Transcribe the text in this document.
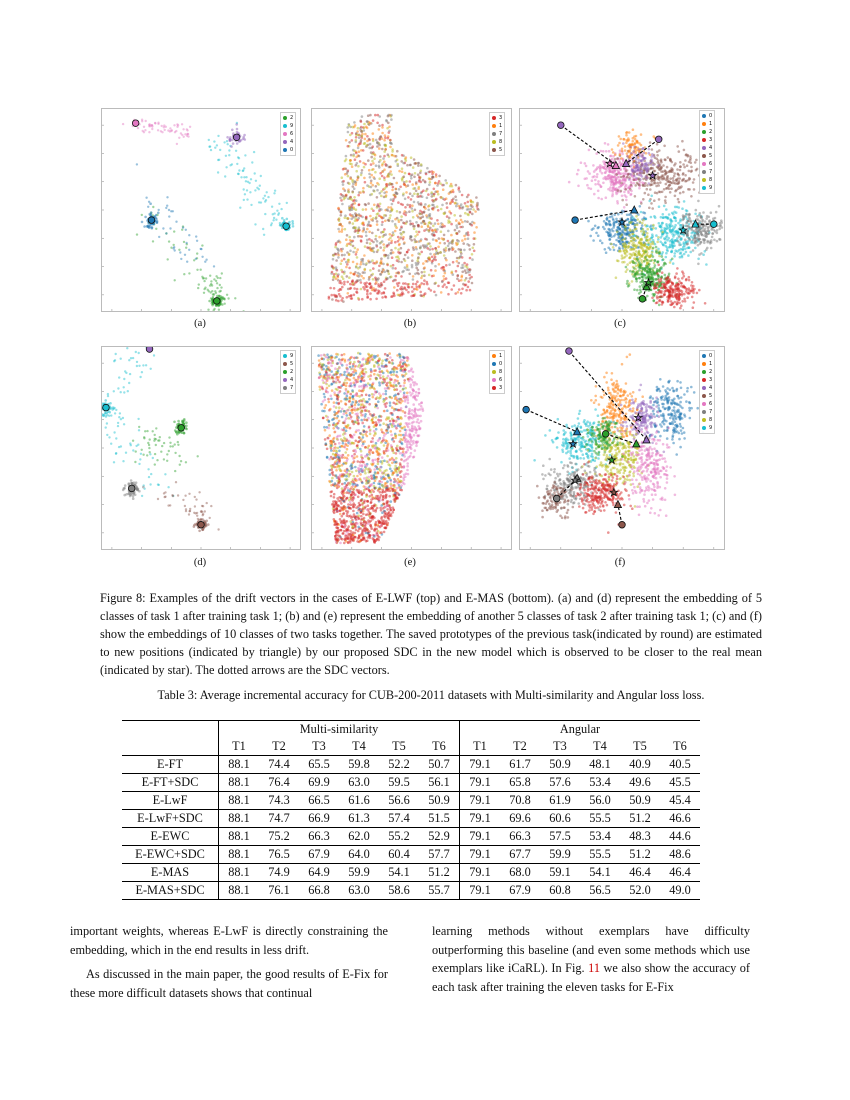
(a)	(b)	(c)
(d)	(e)	(f)
2
9
6
4
0
3
1
7
8
5
0
1
2
3
4
5
6
7
8
9
9
5
2
4
7
1
0
8
6
3
0
1
2
3
4
5
6
7
8
9
Figure 8: Examples of the drift vectors in the cases of E-LWF (top) and E-MAS (bottom). (a) and (d) represent the embedding of 5 classes of task 1 after training task 1; (b) and (e) represent the embedding of another 5 classes of task 2 after training task 1; (c) and (f) show the embeddings of 10 classes of two tasks together. The saved prototypes of the previous task(indicated by round) are estimated to new positions (indicated by triangle) by our proposed SDC in the new model which is observed to be closer to the real mean (indicated by star). The dotted arrows are the SDC vectors.
Table 3: Average incremental accuracy for CUB-200-2011 datasets with Multi-similarity and Angular loss loss.
	Multi-similarity						Angular					
	T1	T2	T3	T4	T5	T6	T1	T2	T3	T4	T5	T6
E-FT	88.1	74.4	65.5	59.8	52.2	50.7	79.1	61.7	50.9	48.1	40.9	40.5
E-FT+SDC	88.1	76.4	69.9	63.0	59.5	56.1	79.1	65.8	57.6	53.4	49.6	45.5
E-LwF	88.1	74.3	66.5	61.6	56.6	50.9	79.1	70.8	61.9	56.0	50.9	45.4
E-LwF+SDC	88.1	74.7	66.9	61.3	57.4	51.5	79.1	69.6	60.6	55.5	51.2	46.6
E-EWC	88.1	75.2	66.3	62.0	55.2	52.9	79.1	66.3	57.5	53.4	48.3	44.6
E-EWC+SDC	88.1	76.5	67.9	64.0	60.4	57.7	79.1	67.7	59.9	55.5	51.2	48.6
E-MAS	88.1	74.9	64.9	59.9	54.1	51.2	79.1	68.0	59.1	54.1	46.4	46.4
E-MAS+SDC	88.1	76.1	66.8	63.0	58.6	55.7	79.1	67.9	60.8	56.5	52.0	49.0

important weights, whereas E-LwF is directly constraining the embedding, which in the end results in less drift.

As discussed in the main paper, the good results of E-Fix for these more difficult datasets shows that continual

learning methods without exemplars have difficulty outperforming this baseline (and even some methods which use exemplars like iCaRL). In Fig. 11 we also show the accuracy of each task after training the eleven tasks for E-Fix
